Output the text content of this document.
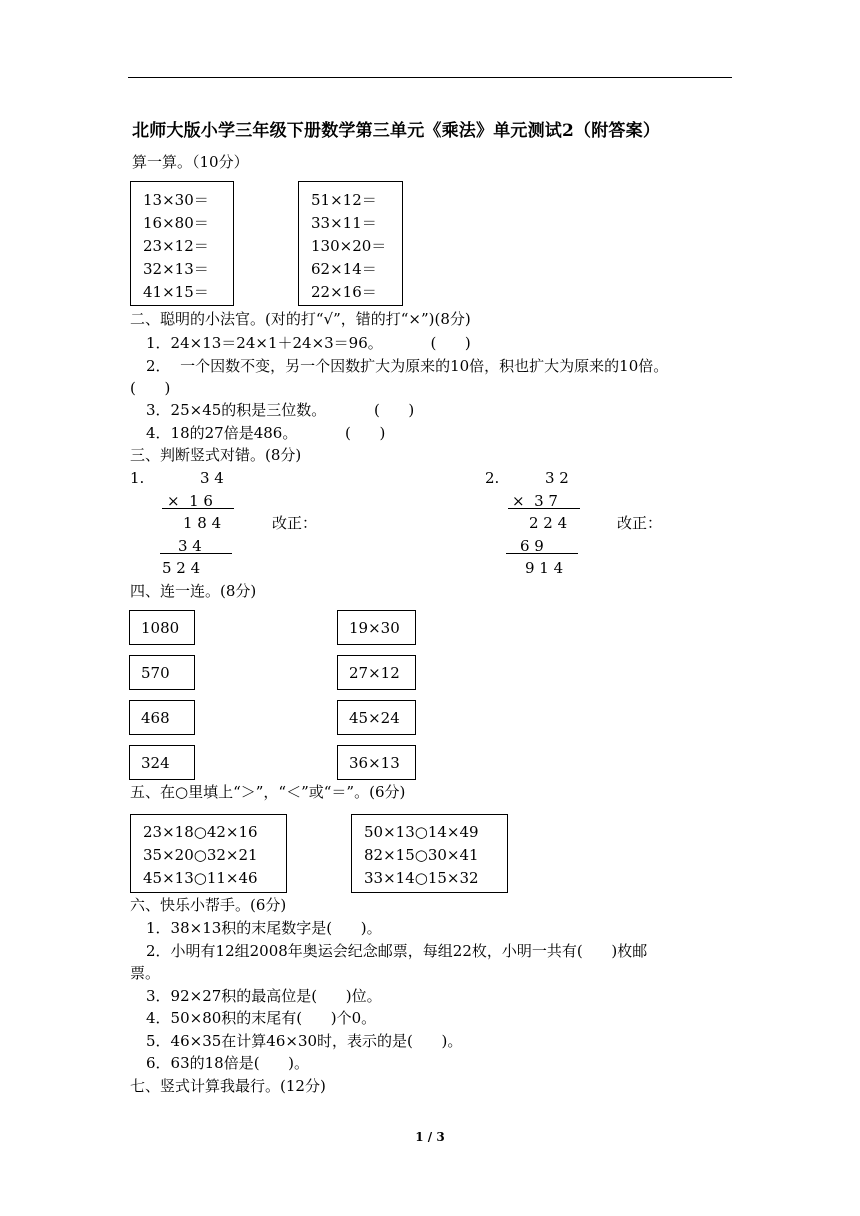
北师大版小学三年级下册数学第三单元《乘法》单元测试2（附答案）
算一算。（10分）
13×30＝
16×80＝
23×12＝
32×13＝
41×15＝
51×12＝
33×11＝
130×20＝
62×14＝
22×16＝
二、聪明的小法官。(对的打“√”，错的打“×”)(8分)
1．24×13＝24×1＋24×3＝96。          (      )
2．  一个因数不变，另一个因数扩大为原来的10倍，积也扩大为原来的10倍。
(      )
3．25×45的积是三位数。          (      )
4．18的27倍是486。          (      )
三、判断竖式对错。(8分)
1.	3 4
×  1 6
1 8 4	改正：
3 4
5 2 4
2.	3 2
×  3 7
2 2 4	改正：
6 9
9 1 4
四、连一连。(8分)
1080
570
468
324
19×30
27×12
45×24
36×13
五、在○里填上“＞”，“＜”或“＝”。(6分)
23×18○42×16
35×20○32×21
45×13○11×46
50×13○14×49
82×15○30×41
33×14○15×32
六、快乐小帮手。(6分)
1．38×13积的末尾数字是(      )。
2．小明有12组2008年奥运会纪念邮票，每组22枚，小明一共有(      )枚邮
票。
3．92×27积的最高位是(      )位。
4．50×80积的末尾有(      )个0。
5．46×35在计算46×30时，表示的是(      )。
6．63的18倍是(      )。
七、竖式计算我最行。(12分)
1 / 3
